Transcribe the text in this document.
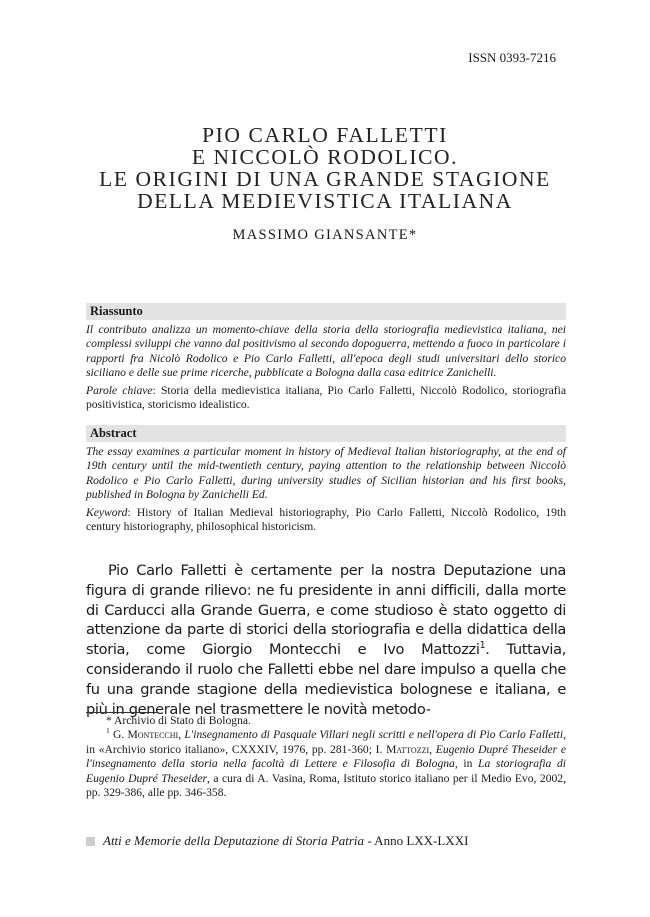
ISSN 0393-7216
PIO CARLO FALLETTI
E NICCOLÒ RODOLICO.
LE ORIGINI DI UNA GRANDE STAGIONE
DELLA MEDIEVISTICA ITALIANA
MASSIMO GIANSANTE*
Riassunto

Il contributo analizza un momento-chiave della storia della storiografia medievistica italiana, nei complessi sviluppi che vanno dal positivismo al secondo dopoguerra, mettendo a fuoco in particolare i rapporti fra Nicolò Rodolico e Pio Carlo Falletti, all'epoca degli studi universitari dello storico siciliano e delle sue prime ricerche, pubblicate a Bologna dalla casa editrice Zanichelli.

Parole chiave: Storia della medievistica italiana, Pio Carlo Falletti, Niccolò Rodolico, storiografia positivistica, storicismo idealistico.

Abstract

The essay examines a particular moment in history of Medieval Italian historiography, at the end of 19th century until the mid-twentieth century, paying attention to the relationship between Niccolò Rodolico e Pio Carlo Falletti, during university studies of Sicilian historian and his first books, published in Bologna by Zanichelli Ed.

Keyword: History of Italian Medieval historiography, Pio Carlo Falletti, Niccolò Rodolico, 19th century historiography, philosophical historicism.

Pio Carlo Falletti è certamente per la nostra Deputazione una figura di grande rilievo: ne fu presidente in anni difficili, dalla morte di Carducci alla Grande Guerra, e come studioso è stato oggetto di attenzione da parte di storici della storiografia e della didattica della storia, come Giorgio Montecchi e Ivo Mattozzi$^1$. Tuttavia, considerando il ruolo che Falletti ebbe nel dare impulso a quella che fu una grande stagione della medievistica bolognese e italiana, e più in generale nel trasmettere le novità metodo-

* Archivio di Stato di Bologna.

$^1$ G. Montecchi, L'insegnamento di Pasquale Villari negli scritti e nell'opera di Pio Carlo Falletti, in «Archivio storico italiano», CXXXIV, 1976, pp. 281-360; I. Mattozzi, Eugenio Dupré Theseider e l'insegnamento della storia nella facoltà di Lettere e Filosofia di Bologna, in La storiografia di Eugenio Dupré Theseider, a cura di A. Vasina, Roma, Istituto storico italiano per il Medio Evo, 2002, pp. 329-386, alle pp. 346-358.

Atti e Memorie della Deputazione di Storia Patria - Anno LXX-LXXI
